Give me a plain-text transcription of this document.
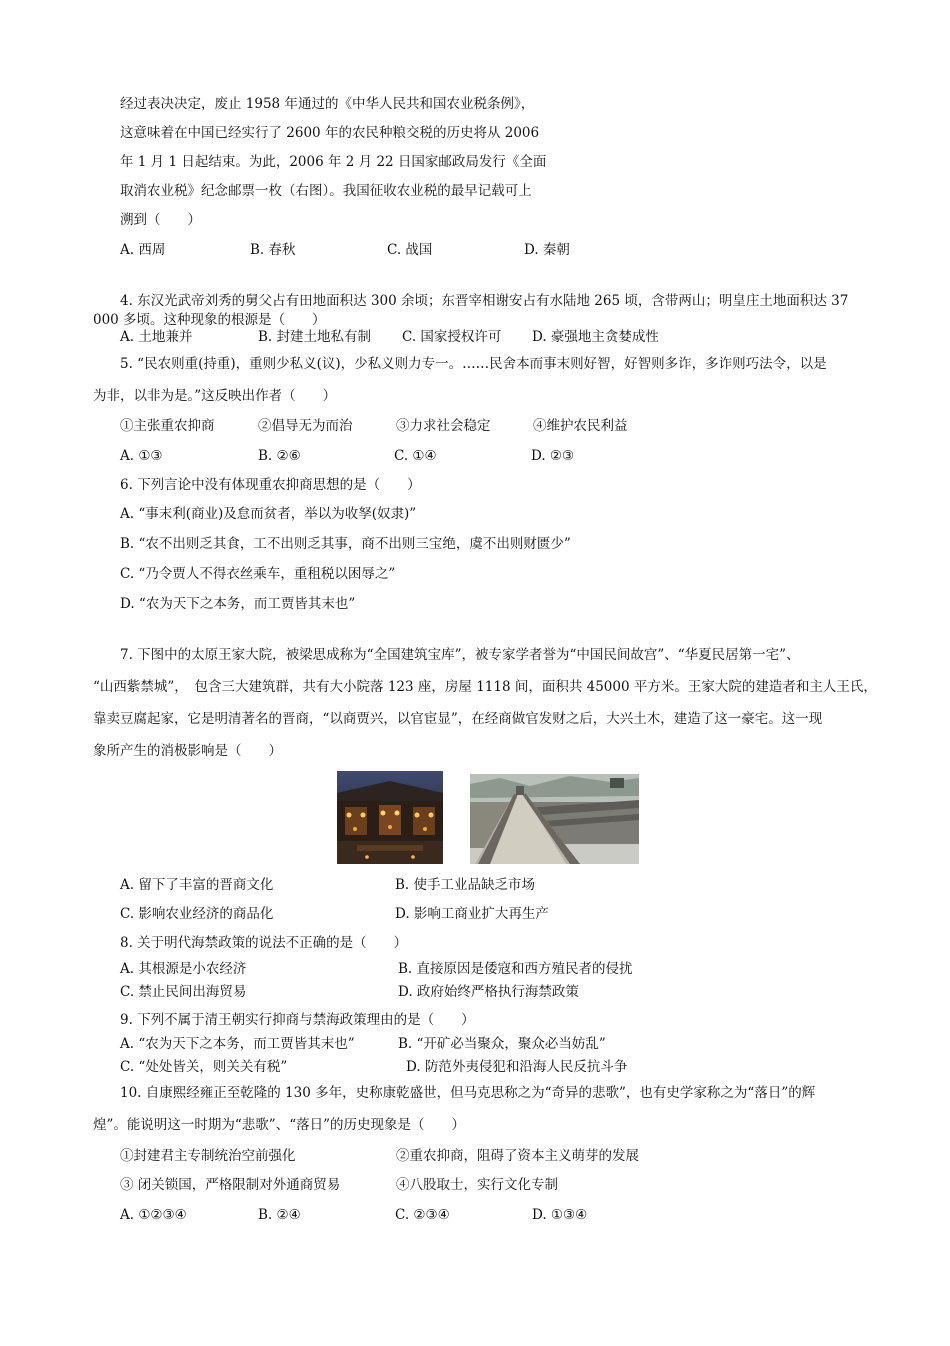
经过表决决定，废止 1958 年通过的《中华人民共和国农业税条例》，
这意味着在中国已经实行了 2600 年的农民种粮交税的历史将从 2006
年 1 月 1 日起结束。为此，2006 年 2 月 22 日国家邮政局发行《全面
取消农业税》纪念邮票一枚（右图）。我国征收农业税的最早记载可上
溯到（　　）
A. 西周	B. 春秋	C. 战国	D. 秦朝
4. 东汉光武帝刘秀的舅父占有田地面积达 300 余顷；东晋宰相谢安占有水陆地 265 顷，含带两山；明皇庄土地面积达 37
000 多顷。这种现象的根源是（　　）
A. 土地兼并	B. 封建土地私有制 C. 国家授权许可 D. 豪强地主贪婪成性
5. “民农则重(持重)，重则少私义(议)，少私义则力专一。……民舍本而事末则好智，好智则多诈，多诈则巧法令，以是
为非，以非为是。”这反映出作者（　　）
①主张重农抑商	②倡导无为而治	③力求社会稳定	④维护农民利益
A. ①③	B. ②⑥	C. ①④	D. ②③
6. 下列言论中没有体现重农抑商思想的是（　　）
A. “事末利(商业)及怠而贫者，举以为收孥(奴隶)”
B. “农不出则乏其食，工不出则乏其事，商不出则三宝绝，虞不出则财匮少”
C. “乃令贾人不得衣丝乘车，重租税以困辱之”
D. “农为天下之本务，而工贾皆其末也”
7. 下图中的太原王家大院，被梁思成称为“全国建筑宝库”，被专家学者誉为“中国民间故宫”、“华夏民居第一宅”、
“山西紫禁城”，　包含三大建筑群，共有大小院落 123 座，房屋 1118 间，面积共 45000 平方米。王家大院的建造者和主人王氏，
靠卖豆腐起家，它是明清著名的晋商，“以商贾兴，以官宦显”，在经商做官发财之后，大兴土木，建造了这一豪宅。这一现
象所产生的消极影响是（　　）
A. 留下了丰富的晋商文化	B. 使手工业品缺乏市场
C. 影响农业经济的商品化	D. 影响工商业扩大再生产
8. 关于明代海禁政策的说法不正确的是（　　）
A. 其根源是小农经济	B. 直接原因是倭寇和西方殖民者的侵扰
C. 禁止民间出海贸易	D. 政府始终严格执行海禁政策
9. 下列不属于清王朝实行抑商与禁海政策理由的是（　　）
A. “农为天下之本务，而工贾皆其末也”	B. “开矿必当聚众，聚众必当妨乱”
C. “处处皆关，则关关有税”	D. 防范外夷侵犯和沿海人民反抗斗争
10. 自康熙经雍正至乾隆的 130 多年，史称康乾盛世，但马克思称之为“奇异的悲歌”，也有史学家称之为“落日”的辉
煌”。能说明这一时期为“悲歌”、“落日”的历史现象是（　　）
①封建君主专制统治空前强化	②重农抑商，阻碍了资本主义萌芽的发展
③ 闭关锁国，严格限制对外通商贸易	④八股取士，实行文化专制
A. ①②③④	B. ②④	C. ②③④	D. ①③④
